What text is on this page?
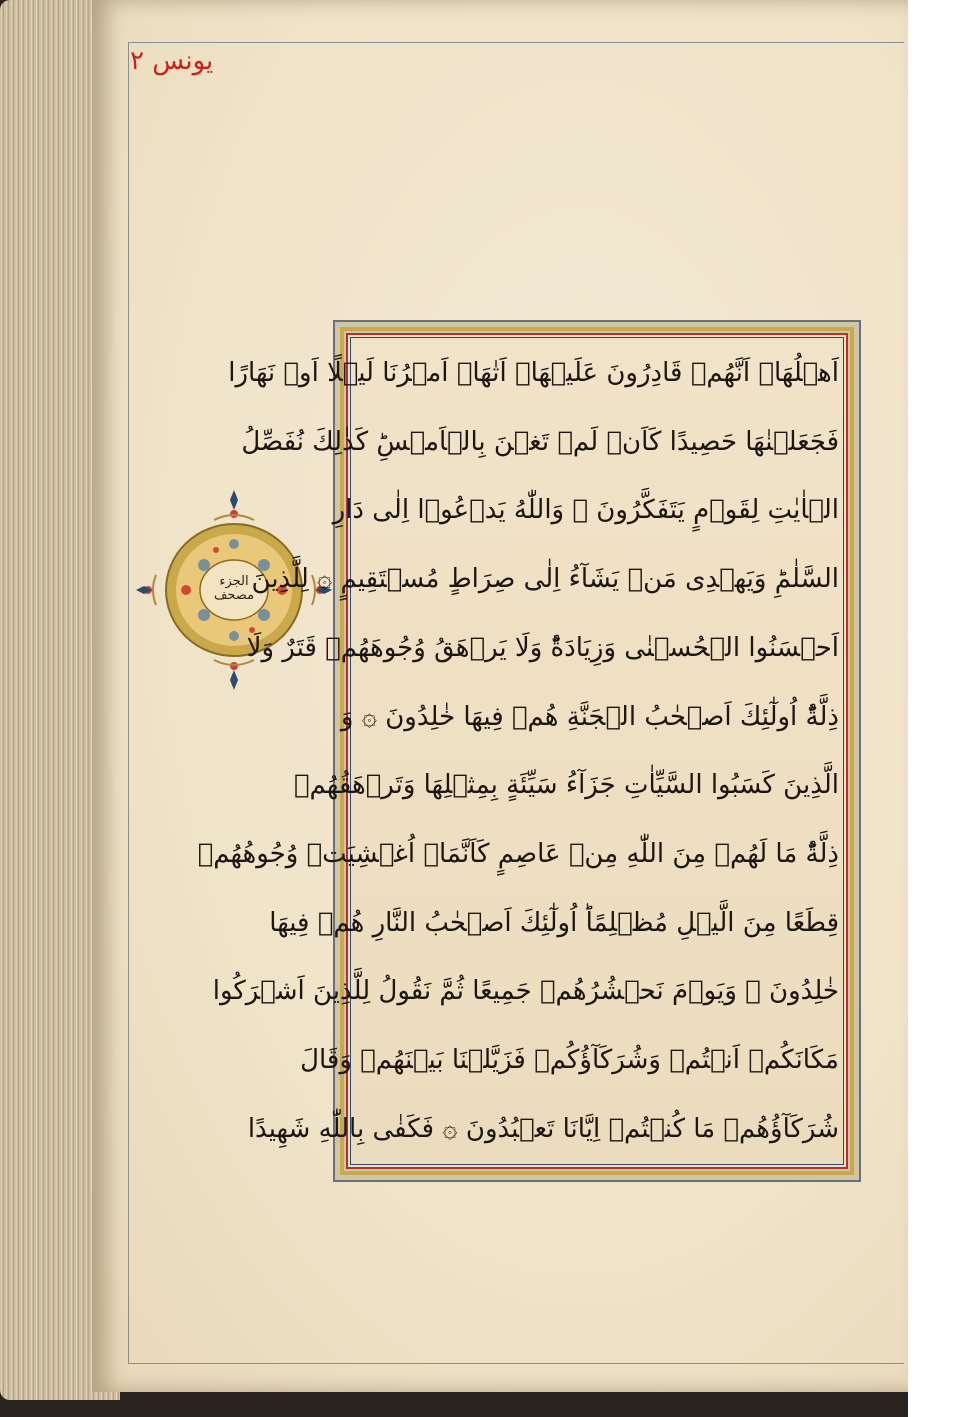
يونس ٢
الجزء مصحف
اَهۡلُهَاۤ اَنَّهُمۡ قَادِرُونَ عَلَيۡهَاۤ اَتٰهَاۤ اَمۡرُنَا لَيۡلًا اَوۡ نَهَارًا
فَجَعَلۡنٰهَا حَصِيدًا كَاَنۡ لَمۡ تَغۡنَ بِالۡاَمۡسِؕ كَذٰلِكَ نُفَصِّلُ
الۡاٰيٰتِ لِقَوۡمٍ يَتَفَكَّرُونَ ۞ وَاللّٰهُ يَدۡعُوۤا اِلٰى دَارِ
السَّلٰمِؕ وَيَهۡدِى مَنۡ يَشَآءُ اِلٰى صِرَاطٍ مُسۡتَقِيمٍ ۞ لِلَّذِينَ
اَحۡسَنُوا الۡحُسۡنٰى وَزِيَادَةٌؕ وَلَا يَرۡهَقُ وُجُوهَهُمۡ قَتَرٌ وَلَا
ذِلَّةٌؕ اُولٰٓئِكَ اَصۡحٰبُ الۡجَنَّةِ هُمۡ فِيهَا خٰلِدُونَ ۞ وَ
الَّذِينَ كَسَبُوا السَّيِّاٰتِ جَزَآءُ سَيِّئَةٍ بِمِثۡلِهَا وَتَرۡهَقُهُمۡ
ذِلَّةٌؕ مَا لَهُمۡ مِنَ اللّٰهِ مِنۡ عَاصِمٍ كَاَنَّمَاۤ اُغۡشِيَتۡ وُجُوهُهُمۡ
قِطَعًا مِنَ الَّيۡلِ مُظۡلِمًاؕ اُولٰٓئِكَ اَصۡحٰبُ النَّارِ هُمۡ فِيهَا
خٰلِدُونَ ۞ وَيَوۡمَ نَحۡشُرُهُمۡ جَمِيعًا ثُمَّ نَقُولُ لِلَّذِينَ اَشۡرَكُوا
مَكَانَكُمۡ اَنۡتُمۡ وَشُرَكَآؤُكُمۡ فَزَيَّلۡنَا بَيۡنَهُمۡ وَقَالَ
شُرَكَآؤُهُمۡ مَا كُنۡتُمۡ اِيَّانَا تَعۡبُدُونَ ۞ فَكَفٰى بِاللّٰهِ شَهِيدًا
